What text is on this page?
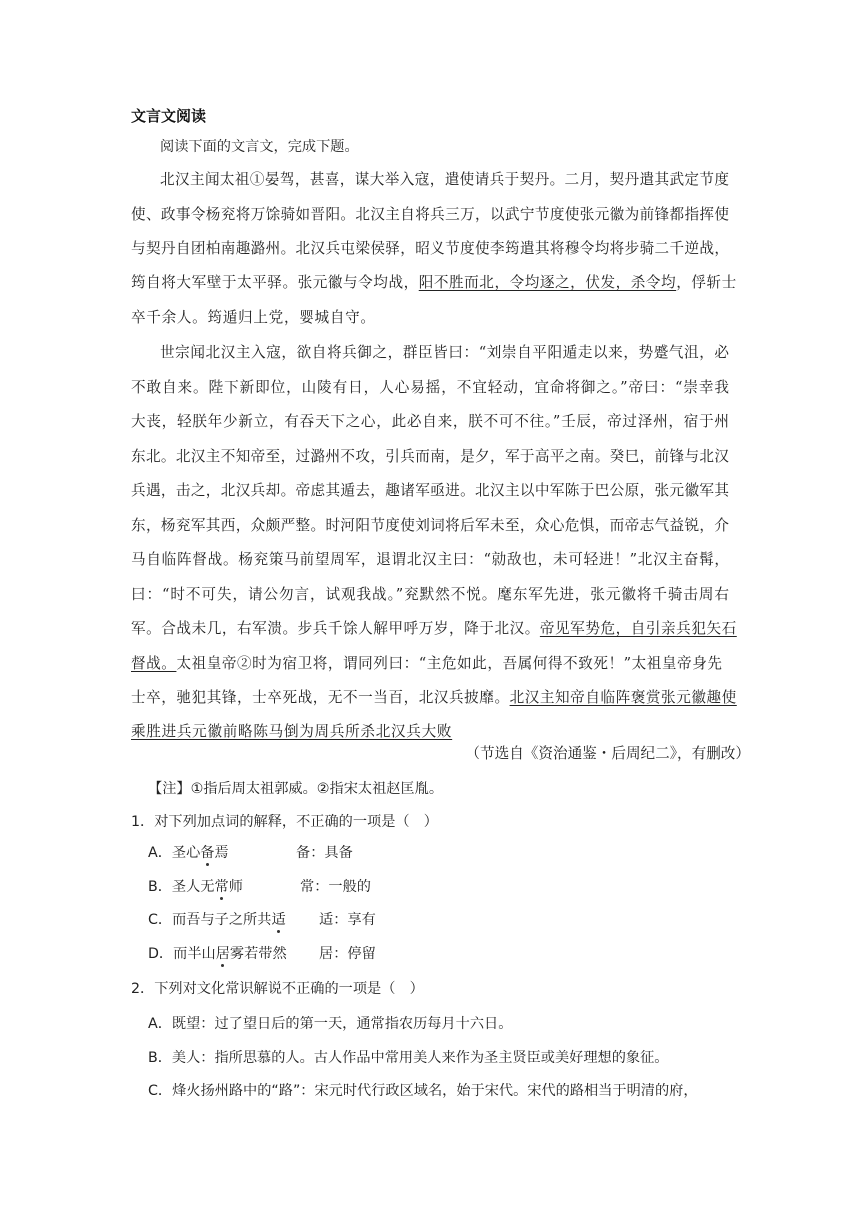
文言文阅读
阅读下面的文言文，完成下题。
北汉主闻太祖①晏驾，甚喜，谋大举入寇，遣使请兵于契丹。二月，契丹遣其武定节度
使、政事令杨兖将万馀骑如晋阳。北汉主自将兵三万，以武宁节度使张元徽为前锋都指挥使
与契丹自团柏南趣潞州。北汉兵屯梁侯驿，昭义节度使李筠遣其将穆令均将步骑二千逆战，
筠自将大军壁于太平驿。张元徽与令均战，阳不胜而北，令均逐之，伏发，杀令均，俘斩士
卒千余人。筠遁归上党，婴城自守。
世宗闻北汉主入寇，欲自将兵御之，群臣皆曰：“刘崇自平阳遁走以来，势蹙气沮，必
不敢自来。陛下新即位，山陵有日，人心易摇，不宜轻动，宜命将御之。”帝曰：“崇幸我
大丧，轻朕年少新立，有吞天下之心，此必自来，朕不可不往。”壬辰，帝过泽州，宿于州
东北。北汉主不知帝至，过潞州不攻，引兵而南，是夕，军于高平之南。癸巳，前锋与北汉
兵遇，击之，北汉兵却。帝虑其遁去，趣诸军亟进。北汉主以中军陈于巴公原，张元徽军其
东，杨兖军其西，众颇严整。时河阳节度使刘词将后军未至，众心危惧，而帝志气益锐，介
马自临阵督战。杨兖策马前望周军，退谓北汉主曰：“勍敌也，未可轻进！”北汉主奋髯，
曰：“时不可失，请公勿言，试观我战。”兖默然不悦。麾东军先进，张元徽将千骑击周右
军。合战未几，右军溃。步兵千馀人解甲呼万岁，降于北汉。帝见军势危，自引亲兵犯矢石
督战。太祖皇帝②时为宿卫将，谓同列曰：“主危如此，吾属何得不致死！”太祖皇帝身先
士卒，驰犯其锋，士卒死战，无不一当百，北汉兵披靡。北汉主知帝自临阵褒赏张元徽趣使
乘胜进兵元徽前略陈马倒为周兵所杀北汉兵大败
（节选自《资治通鉴・后周纪二》，有删改）
【注】①指后周太祖郭威。②指宋太祖赵匡胤。
1．对下列加点词的解释，不正确的一项是（　）
A．圣心备焉	备：具备
B．圣人无常师	常：一般的
C．而吾与子之所共适 适：享有
D．而半山居雾若带然 居：停留
2．下列对文化常识解说不正确的一项是（　）
A．既望：过了望日后的第一天，通常指农历每月十六日。
B．美人：指所思慕的人。古人作品中常用美人来作为圣主贤臣或美好理想的象征。
C．烽火扬州路中的“路”：宋元时代行政区域名，始于宋代。宋代的路相当于明清的府，
